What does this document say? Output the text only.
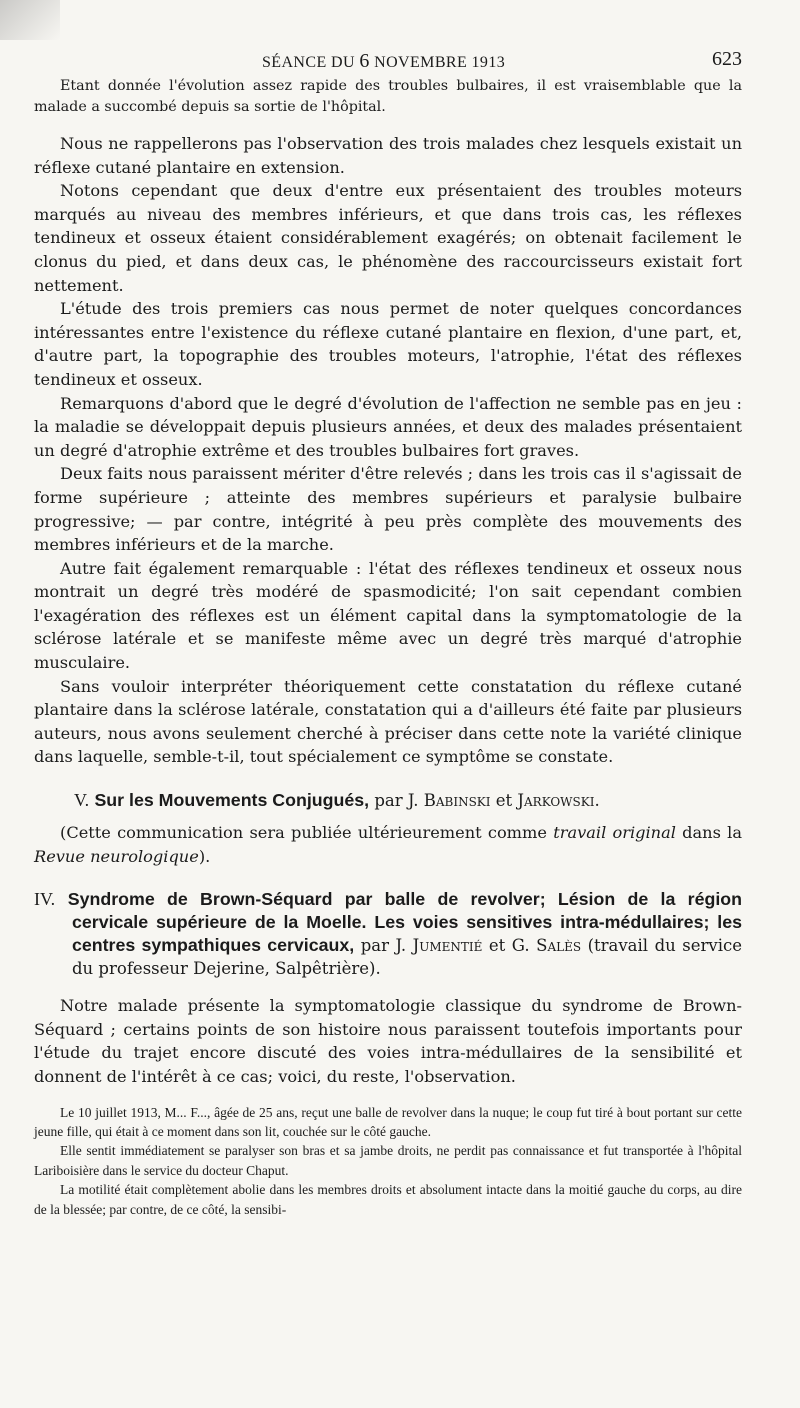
SÉANCE DU 6 NOVEMBRE 1913	623

Etant donnée l'évolution assez rapide des troubles bulbaires, il est vraisemblable que la malade a succombé depuis sa sortie de l'hôpital.

Nous ne rappellerons pas l'observation des trois malades chez lesquels existait un réflexe cutané plantaire en extension.

Notons cependant que deux d'entre eux présentaient des troubles moteurs marqués au niveau des membres inférieurs, et que dans trois cas, les réflexes tendineux et osseux étaient considérablement exagérés; on obtenait facilement le clonus du pied, et dans deux cas, le phénomène des raccourcisseurs existait fort nettement.

L'étude des trois premiers cas nous permet de noter quelques concordances intéressantes entre l'existence du réflexe cutané plantaire en flexion, d'une part, et, d'autre part, la topographie des troubles moteurs, l'atrophie, l'état des réflexes tendineux et osseux.

Remarquons d'abord que le degré d'évolution de l'affection ne semble pas en jeu : la maladie se développait depuis plusieurs années, et deux des malades présentaient un degré d'atrophie extrême et des troubles bulbaires fort graves.

Deux faits nous paraissent mériter d'être relevés ; dans les trois cas il s'agissait de forme supérieure ; atteinte des membres supérieurs et paralysie bulbaire progressive; — par contre, intégrité à peu près complète des mouvements des membres inférieurs et de la marche.

Autre fait également remarquable : l'état des réflexes tendineux et osseux nous montrait un degré très modéré de spasmodicité; l'on sait cependant combien l'exagération des réflexes est un élément capital dans la symptomatologie de la sclérose latérale et se manifeste même avec un degré très marqué d'atrophie musculaire.

Sans vouloir interpréter théoriquement cette constatation du réflexe cutané plantaire dans la sclérose latérale, constatation qui a d'ailleurs été faite par plusieurs auteurs, nous avons seulement cherché à préciser dans cette note la variété clinique dans laquelle, semble-t-il, tout spécialement ce symptôme se constate.

V. Sur les Mouvements Conjugués, par J. Babinski et Jarkowski.

(Cette communication sera publiée ultérieurement comme travail original dans la Revue neurologique).

IV. Syndrome de Brown-Séquard par balle de revolver; Lésion de la région cervicale supérieure de la Moelle. Les voies sensitives intra-médullaires; les centres sympathiques cervicaux, par J. Jumentié et G. Salès (travail du service du professeur Dejerine, Salpêtrière).

Notre malade présente la symptomatologie classique du syndrome de Brown-Séquard ; certains points de son histoire nous paraissent toutefois importants pour l'étude du trajet encore discuté des voies intra-médullaires de la sensibilité et donnent de l'intérêt à ce cas; voici, du reste, l'observation.

Le 10 juillet 1913, M... F..., âgée de 25 ans, reçut une balle de revolver dans la nuque; le coup fut tiré à bout portant sur cette jeune fille, qui était à ce moment dans son lit, couchée sur le côté gauche.

Elle sentit immédiatement se paralyser son bras et sa jambe droits, ne perdit pas connaissance et fut transportée à l'hôpital Lariboisière dans le service du docteur Chaput.

La motilité était complètement abolie dans les membres droits et absolument intacte dans la moitié gauche du corps, au dire de la blessée; par contre, de ce côté, la sensibi-
